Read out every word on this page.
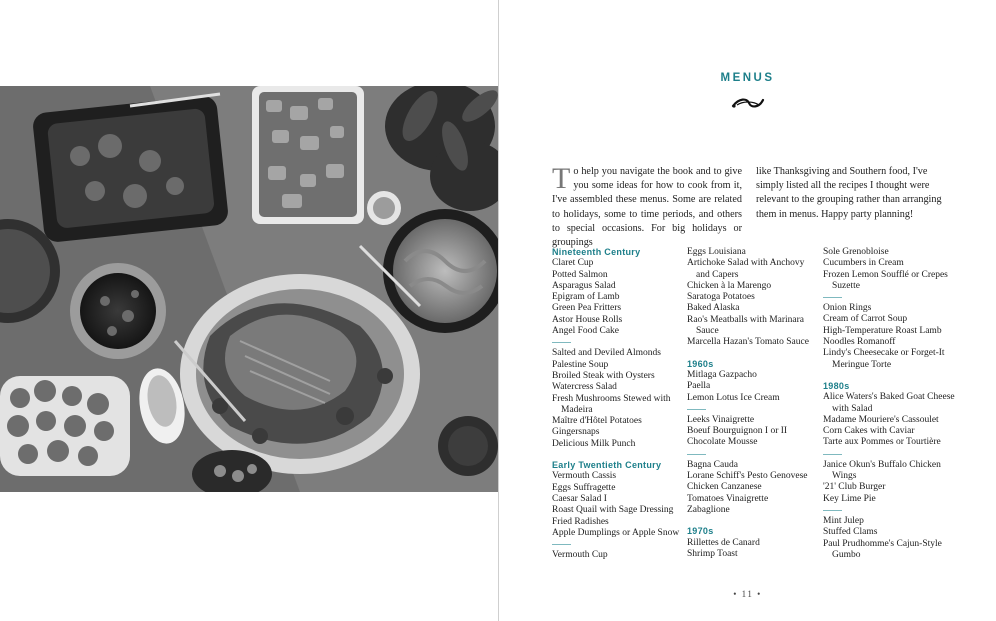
MENUS
To help you navigate the book and to give you some ideas for how to cook from it, I've assembled these menus. Some are related to holidays, some to time periods, and others to special occasions. For big holidays or groupings
like Thanksgiving and Southern food, I've simply listed all the recipes I thought were relevant to the grouping rather than arranging them in menus. Happy party planning!

Nineteenth Century

Claret Cup

Potted Salmon

Asparagus Salad

Epigram of Lamb

Green Pea Fritters

Astor House Rolls

Angel Food Cake

Salted and Deviled Almonds

Palestine Soup

Broiled Steak with Oysters

Watercress Salad

Fresh Mushrooms Stewed with Madeira

Maître d'Hôtel Potatoes

Gingersnaps

Delicious Milk Punch

Early Twentieth Century

Vermouth Cassis

Eggs Suffragette

Caesar Salad I

Roast Quail with Sage Dressing

Fried Radishes

Apple Dumplings or Apple Snow

Vermouth Cup

Eggs Louisiana

Artichoke Salad with Anchovy and Capers

Chicken à la Marengo

Saratoga Potatoes

Baked Alaska

Rao's Meatballs with Marinara Sauce

Marcella Hazan's Tomato Sauce

1960s

Mitlaga Gazpacho

Paella

Lemon Lotus Ice Cream

Leeks Vinaigrette

Boeuf Bourguignon I or II

Chocolate Mousse

Bagna Cauda

Lorane Schiff's Pesto Genovese

Chicken Canzanese

Tomatoes Vinaigrette

Zabaglione

1970s

Rillettes de Canard

Shrimp Toast

Sole Grenobloise

Cucumbers in Cream

Frozen Lemon Soufflé or Crepes Suzette

Onion Rings

Cream of Carrot Soup

High-Temperature Roast Lamb

Noodles Romanoff

Lindy's Cheesecake or Forget-It Meringue Torte

1980s

Alice Waters's Baked Goat Cheese with Salad

Madame Mouriere's Cassoulet

Corn Cakes with Caviar

Tarte aux Pommes or Tourtière

Janice Okun's Buffalo Chicken Wings

'21' Club Burger

Key Lime Pie

Mint Julep

Stuffed Clams

Paul Prudhomme's Cajun-Style Gumbo

• 11 •
